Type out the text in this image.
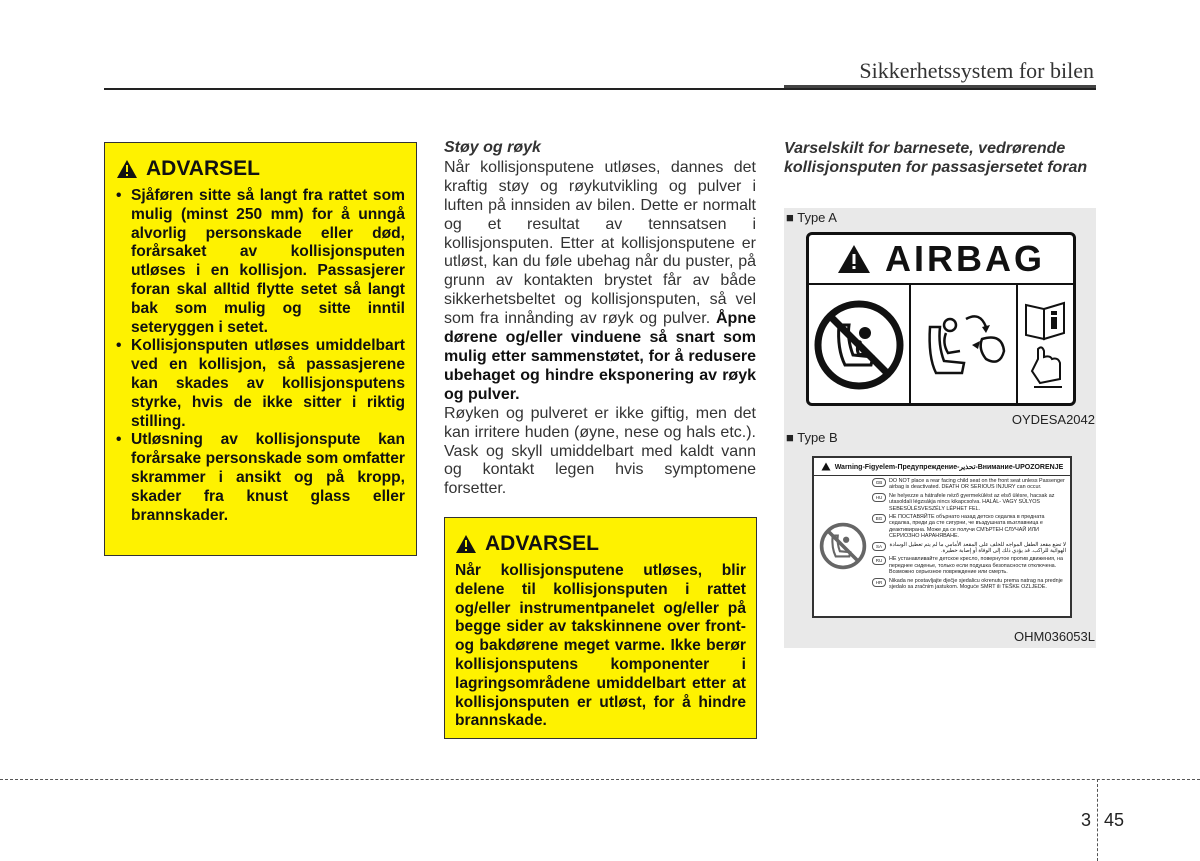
Sikkerhetssystem for bilen
ADVARSEL
• Sjåføren sitte så langt fra rattet som mulig (minst 250 mm) for å unngå alvorlig personskade eller død, forårsaket av kollisjonsputen utløses i en kollisjon. Passasjerer foran skal alltid flytte setet så langt bak som mulig og sitte inntil seteryggen i setet.
• Kollisjonsputen utløses umiddelbart ved en kollisjon, så passasjerene kan skades av kollisjonsputens styrke, hvis de ikke sitter i riktig stilling.
• Utløsning av kollisjonspute kan forårsake personskade som omfatter skrammer i ansikt og på kropp, skader fra knust glass eller brannskader.
Støy og røyk

Når kollisjonsputene utløses, dannes det kraftig støy og røykutvikling og pulver i luften på innsiden av bilen. Dette er normalt og et resultat av tennsatsen i kollisjonsputen. Etter at kollisjonsputene er utløst, kan du føle ubehag når du puster, på grunn av kontakten brystet får av både sikkerhetsbeltet og kollisjonsputen, så vel som fra innånding av røyk og pulver. Åpne dørene og/eller vinduene så snart som mulig etter sammenstøtet, for å redusere ubehaget og hindre eksponering av røyk og pulver.

Røyken og pulveret er ikke giftig, men det kan irritere huden (øyne, nese og hals etc.). Vask og skyll umiddelbart med kaldt vann og kontakt legen hvis symptomene forsetter.

ADVARSEL
Når kollisjonsputene utløses, blir delene til kollisjonsputen i rattet og/eller instrumentpanelet og/eller på begge sider av takskinnene over front- og bakdørene meget varme. Ikke berør kollisjonsputens komponenter i lagringsområdene umiddelbart etter at kollisjonsputen er utløst, for å hindre brannskade.
Varselskilt for barnesete, vedrørende kollisjonsputen for passasjersetet foran
■ Type A
AIRBAG
OYDESA2042
■ Type B
Warning-Figyelem-Предупреждение-تحذير-Внимание-UPOZORENJE
GB	DO NOT place a rear facing child seat on the front seat unless Passenger airbag is deactivated. DEATH OR SERIOUS INJURY can occur.
HU	Ne helyezze a hátrafele néző gyermekülést az első ülésre, hacsak az utasoldali légzsákja nincs kikapcsolva. HALÁL- VAGY SÚLYOS SEBESÜLÉSVESZÉLY LÉPHET FEL.
BG	НЕ ПОСТАВЯЙТЕ обърнато назад детско седалка в предната седалка, преди да сте сигурни, че въздушната възглавница е деактивирана. Може да се получи СМЪРТЕН СЛУЧАЙ ИЛИ СЕРИОЗНО НАРАНЯВАНЕ.
SA	لا تضع مقعد الطفل المواجه للخلف على المقعد الأمامي ما لم يتم تعطيل الوسادة الهوائية للراكب. قد يؤدي ذلك إلى الوفاة أو إصابة خطيرة.
RU	НЕ устанавливайте детское кресло, повернутое против движения, на переднее сиденье, только если подушка безопасности отключена. Возможно серьезное повреждение или смерть.
HR	Nikada ne postavljajte dječje sjedalicu okrenutu prema natrag na prednje sjedalo sa zračnim jastukom. Moguće SMRT ili TEŠKE OZLJEDE.
OHM036053L
3 45
